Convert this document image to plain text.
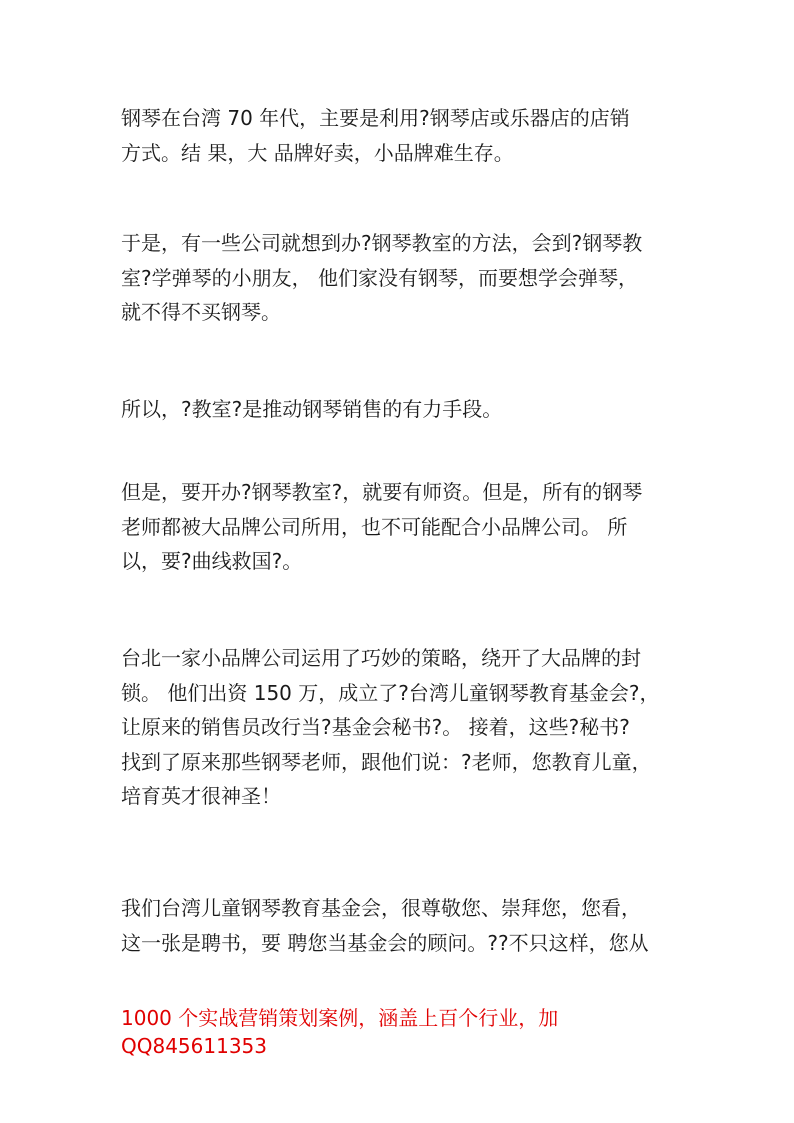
钢琴在台湾 70 年代，主要是利用?钢琴店或乐器店的店销
方式。结 果，大 品牌好卖，小品牌难生存。
于是，有一些公司就想到办?钢琴教室的方法，会到?钢琴教
室?学弹琴的小朋友， 他们家没有钢琴，而要想学会弹琴，
就不得不买钢琴。
所以，?教室?是推动钢琴销售的有力手段。
但是，要开办?钢琴教室?，就要有师资。但是，所有的钢琴
老师都被大品牌公司所用，也不可能配合小品牌公司。 所
以，要?曲线救国?。
台北一家小品牌公司运用了巧妙的策略，绕开了大品牌的封
锁。 他们出资 150 万，成立了?台湾儿童钢琴教育基金会?，
让原来的销售员改行当?基金会秘书?。 接着，这些?秘书?
找到了原来那些钢琴老师，跟他们说：?老师，您教育儿童，
培育英才很神圣！
我们台湾儿童钢琴教育基金会，很尊敬您、崇拜您，您看，
这一张是聘书，要 聘您当基金会的顾问。??不只这样，您从
1000 个实战营销策划案例，涵盖上百个行业，加
QQ845611353
